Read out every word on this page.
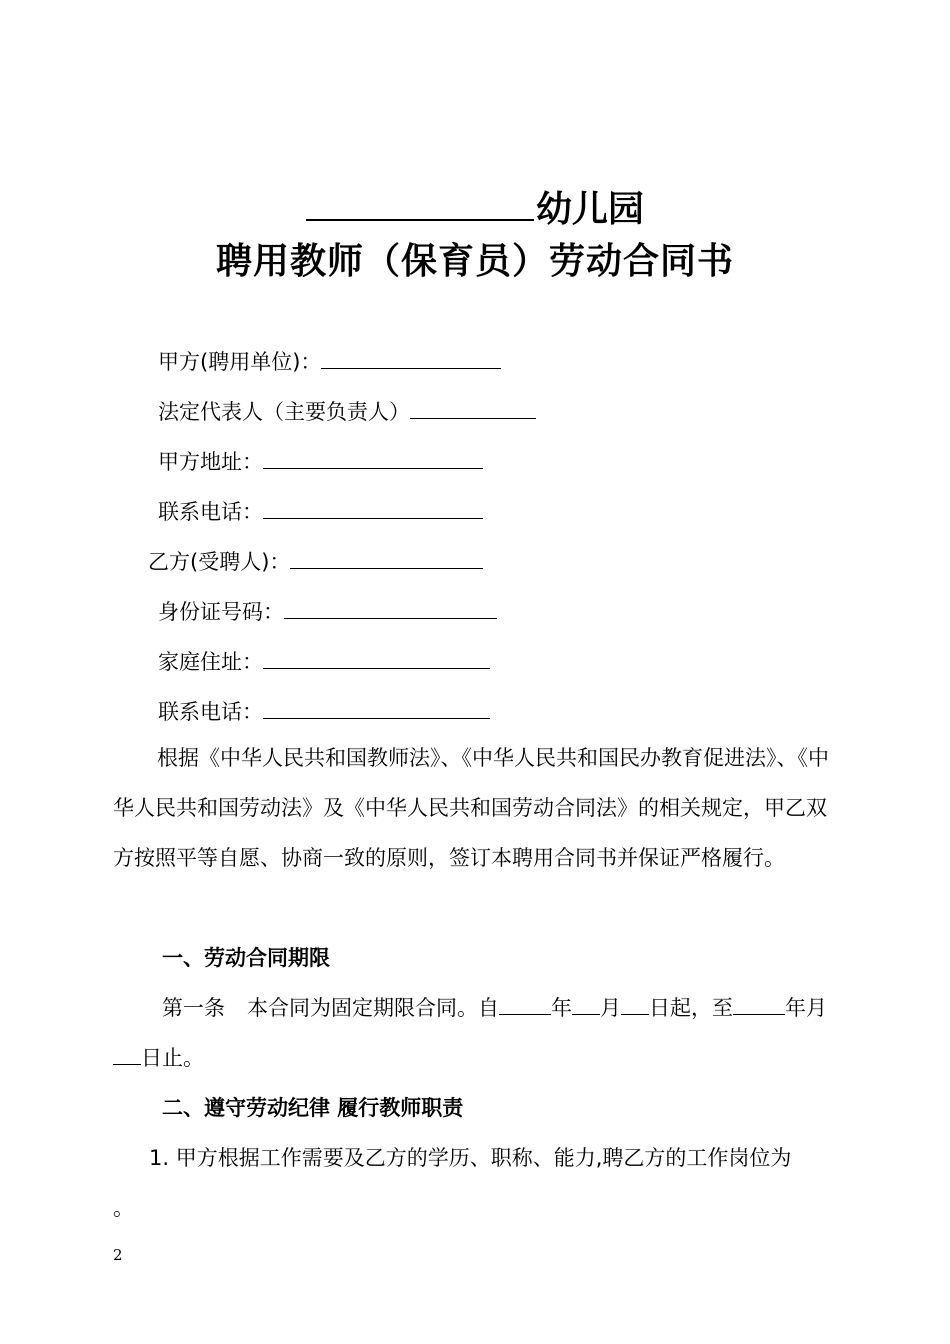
幼儿园
聘用教师（保育员）劳动合同书
甲方(聘用单位)：
法定代表人（主要负责人）
甲方地址：
联系电话：
乙方(受聘人)：
身份证号码：
家庭住址：
联系电话：
根据《中华人民共和国教师法》、《中华人民共和国民办教育促进法》、《中华人民共和国劳动法》及《中华人民共和国劳动合同法》的相关规定，甲乙双方按照平等自愿、协商一致的原则，签订本聘用合同书并保证严格履行。
一、劳动合同期限
第一条 本合同为固定期限合同。自 年 月 日起，至 年月日止。
二、遵守劳动纪律 履行教师职责
1. 甲方根据工作需要及乙方的学历、职称、能力,聘乙方的工作岗位为
。
2
